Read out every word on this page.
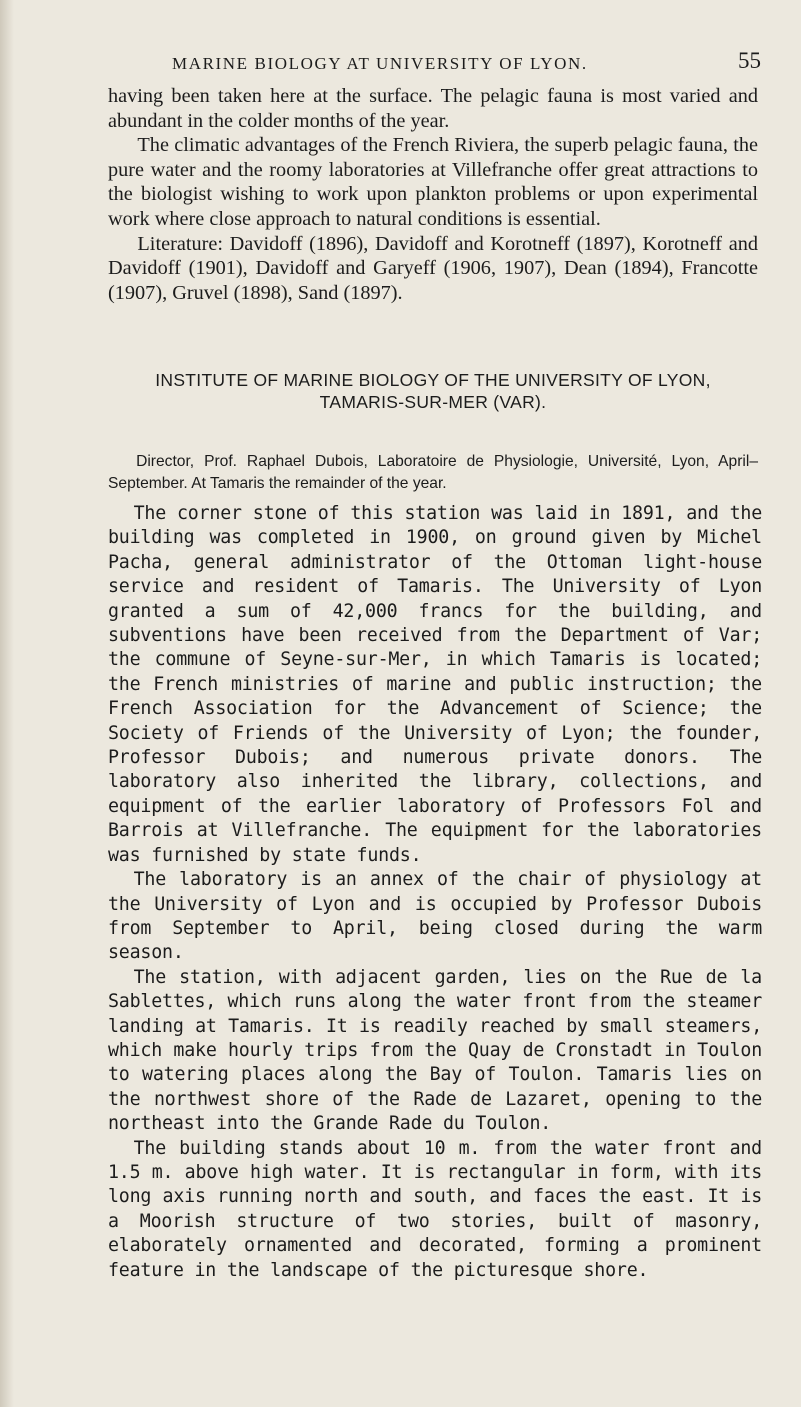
MARINE BIOLOGY AT UNIVERSITY OF LYON.	55

having been taken here at the surface. The pelagic fauna is most varied and abundant in the colder months of the year.

The climatic advantages of the French Riviera, the superb pelagic fauna, the pure water and the roomy laboratories at Villefranche offer great attractions to the biologist wishing to work upon plankton problems or upon experimental work where close approach to natural conditions is essential.

Literature: Davidoff (1896), Davidoff and Korotneff (1897), Korotneff and Davidoff (1901), Davidoff and Garyeff (1906, 1907), Dean (1894), Francotte (1907), Gruvel (1898), Sand (1897).

INSTITUTE OF MARINE BIOLOGY OF THE UNIVERSITY OF LYON,
TAMARIS-SUR-MER (VAR).

Director, Prof. Raphael Dubois, Laboratoire de Physiologie, Université, Lyon, April–September. At Tamaris the remainder of the year.

The corner stone of this station was laid in 1891, and the building was completed in 1900, on ground given by Michel Pacha, general administrator of the Ottoman light-house service and resident of Tamaris. The University of Lyon granted a sum of 42,000 francs for the building, and subventions have been received from the Department of Var; the commune of Seyne-sur-Mer, in which Tamaris is located; the French ministries of marine and public instruction; the French Association for the Advancement of Science; the Society of Friends of the University of Lyon; the founder, Professor Dubois; and numerous private donors. The laboratory also inherited the library, collections, and equipment of the earlier laboratory of Professors Fol and Barrois at Villefranche. The equipment for the laboratories was furnished by state funds.

The laboratory is an annex of the chair of physiology at the University of Lyon and is occupied by Professor Dubois from September to April, being closed during the warm season.

The station, with adjacent garden, lies on the Rue de la Sablettes, which runs along the water front from the steamer landing at Tamaris. It is readily reached by small steamers, which make hourly trips from the Quay de Cronstadt in Toulon to watering places along the Bay of Toulon. Tamaris lies on the northwest shore of the Rade de Lazaret, opening to the northeast into the Grande Rade du Toulon.

The building stands about 10 m. from the water front and 1.5 m. above high water. It is rectangular in form, with its long axis running north and south, and faces the east. It is a Moorish structure of two stories, built of masonry, elaborately ornamented and decorated, forming a prominent feature in the landscape of the picturesque shore.
